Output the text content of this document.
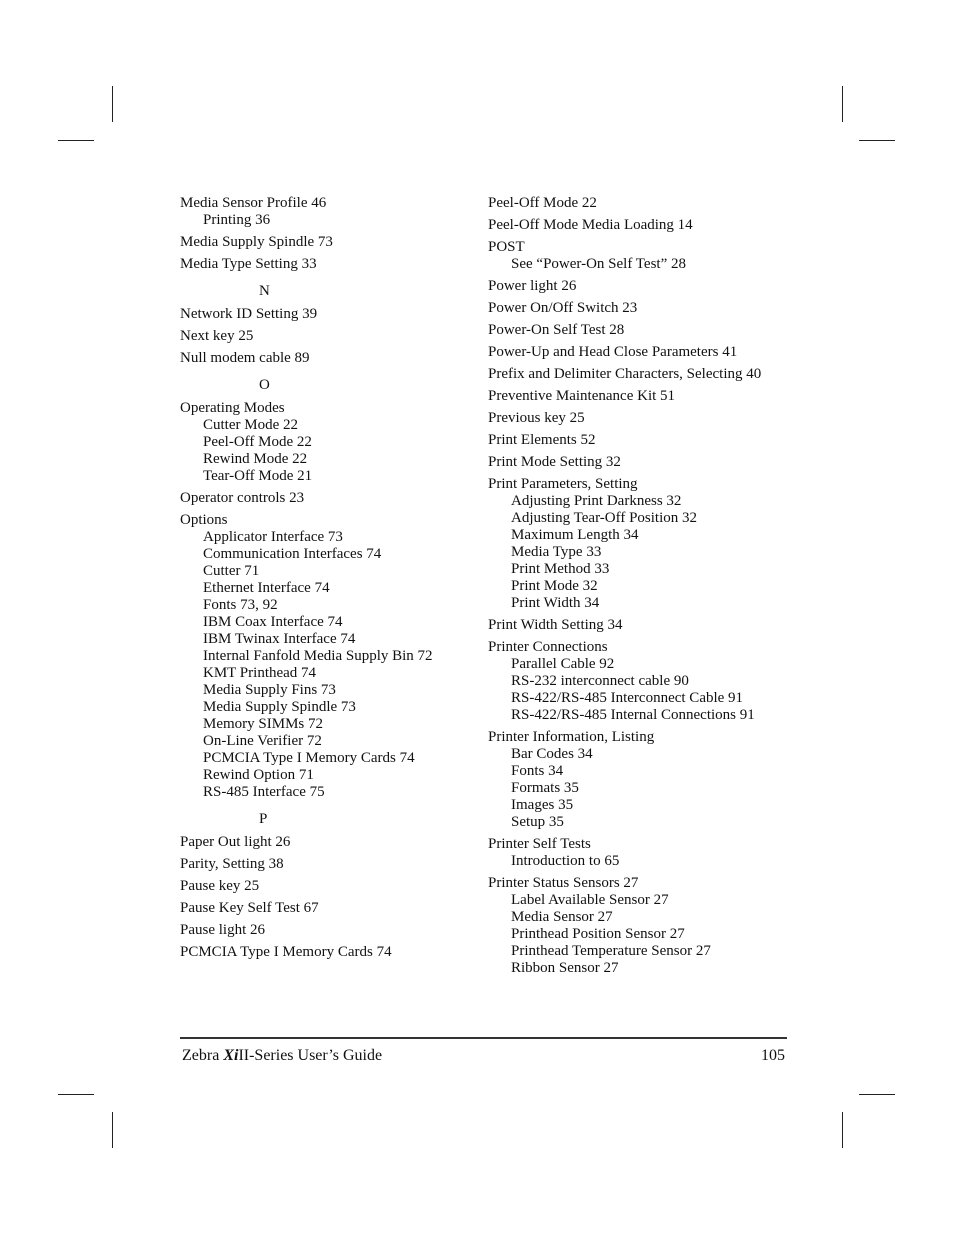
Media Sensor Profile 46
Printing 36
Media Supply Spindle 73
Media Type Setting 33
N
Network ID Setting 39
Next key 25
Null modem cable 89
O
Operating Modes
Cutter Mode 22
Peel-Off Mode 22
Rewind Mode 22
Tear-Off Mode 21
Operator controls 23
Options
Applicator Interface 73
Communication Interfaces 74
Cutter 71
Ethernet Interface 74
Fonts 73, 92
IBM Coax Interface 74
IBM Twinax Interface 74
Internal Fanfold Media Supply Bin 72
KMT Printhead 74
Media Supply Fins 73
Media Supply Spindle 73
Memory SIMMs 72
On-Line Verifier 72
PCMCIA Type I Memory Cards 74
Rewind Option 71
RS-485 Interface 75
P
Paper Out light 26
Parity, Setting 38
Pause key 25
Pause Key Self Test 67
Pause light 26
PCMCIA Type I Memory Cards 74
Peel-Off Mode 22
Peel-Off Mode Media Loading 14
POST
See “Power-On Self Test” 28
Power light 26
Power On/Off Switch 23
Power-On Self Test 28
Power-Up and Head Close Parameters 41
Prefix and Delimiter Characters, Selecting 40
Preventive Maintenance Kit 51
Previous key 25
Print Elements 52
Print Mode Setting 32
Print Parameters, Setting
Adjusting Print Darkness 32
Adjusting Tear-Off Position 32
Maximum Length 34
Media Type 33
Print Method 33
Print Mode 32
Print Width 34
Print Width Setting 34
Printer Connections
Parallel Cable 92
RS-232 interconnect cable 90
RS-422/RS-485 Interconnect Cable 91
RS-422/RS-485 Internal Connections 91
Printer Information, Listing
Bar Codes 34
Fonts 34
Formats 35
Images 35
Setup 35
Printer Self Tests
Introduction to 65
Printer Status Sensors 27
Label Available Sensor 27
Media Sensor 27
Printhead Position Sensor 27
Printhead Temperature Sensor 27
Ribbon Sensor 27
Zebra XiII-Series User’s Guide	105
